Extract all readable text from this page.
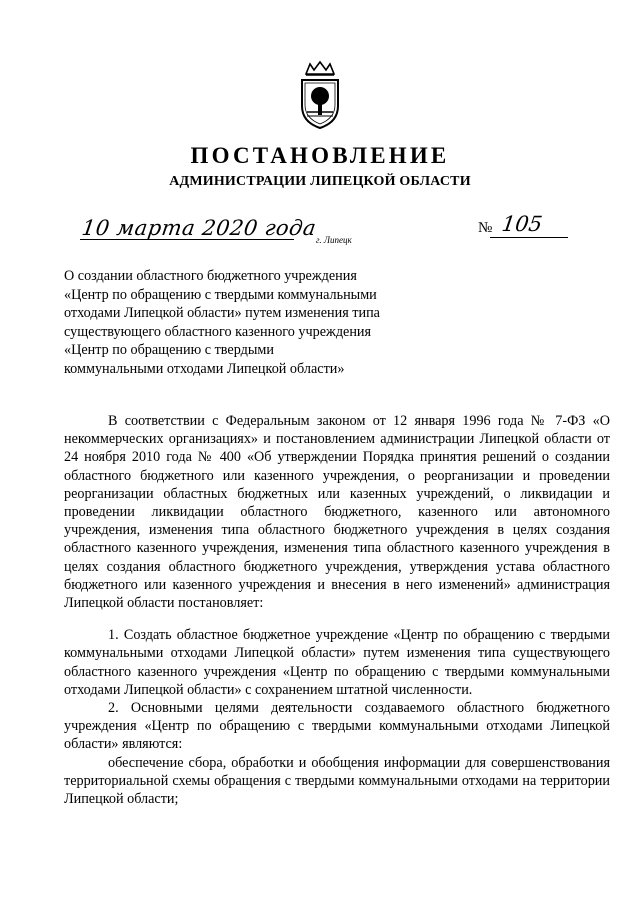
ПОСТАНОВЛЕНИЕ
АДМИНИСТРАЦИИ ЛИПЕЦКОЙ ОБЛАСТИ
10 марта 2020 года
г. Липецк
№ 105
О создании областного бюджетного учреждения
«Центр по обращению с твердыми коммунальными
отходами Липецкой области» путем изменения типа
существующего областного казенного учреждения
«Центр по обращению с твердыми
коммунальными отходами Липецкой области»

В соответствии с Федеральным законом от 12 января 1996 года № 7-ФЗ «О некоммерческих организациях» и постановлением администрации Липецкой области от 24 ноября 2010 года № 400 «Об утверждении Порядка принятия решений о создании областного бюджетного или казенного учреждения, о реорганизации и проведении реорганизации областных бюджетных или казенных учреждений, о ликвидации и проведении ликвидации областного бюджетного, казенного или автономного учреждения, изменения типа областного бюджетного учреждения в целях создания областного казенного учреждения, изменения типа областного казенного учреждения в целях создания областного бюджетного учреждения, утверждения устава областного бюджетного или казенного учреждения и внесения в него изменений» администрация Липецкой области постановляет:

1. Создать областное бюджетное учреждение «Центр по обращению с твердыми коммунальными отходами Липецкой области» путем изменения типа существующего областного казенного учреждения «Центр по обращению с твердыми коммунальными отходами Липецкой области» с сохранением штатной численности.

2. Основными целями деятельности создаваемого областного бюджетного учреждения «Центр по обращению с твердыми коммунальными отходами Липецкой области» являются:

обеспечение сбора, обработки и обобщения информации для совершенствования территориальной схемы обращения с твердыми коммунальными отходами на территории Липецкой области;
